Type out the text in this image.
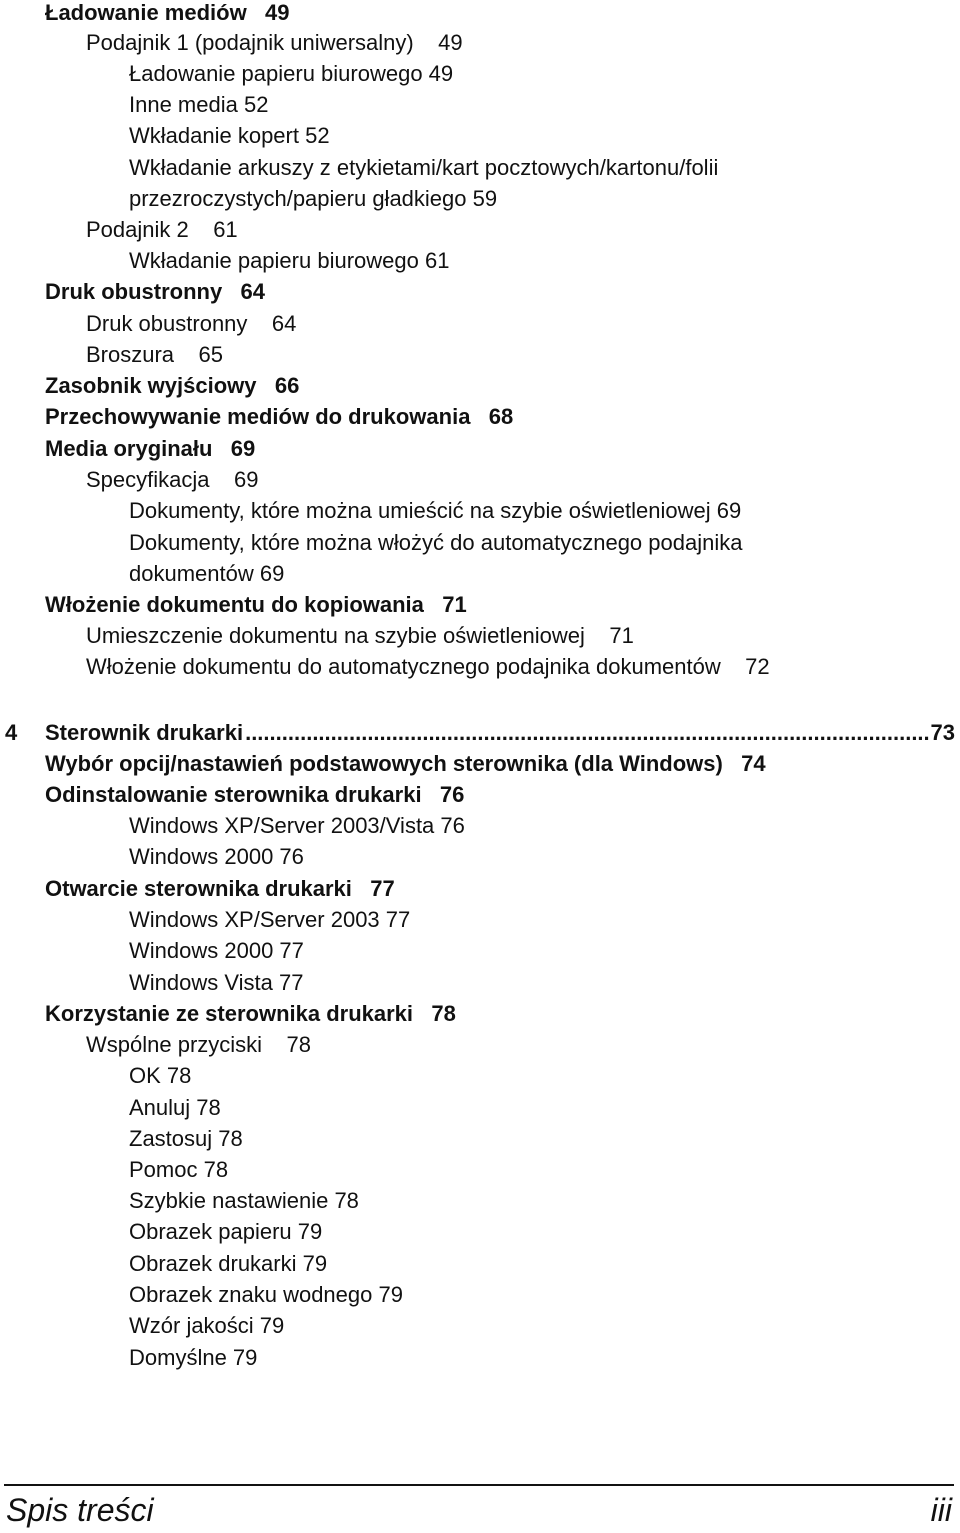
Ładowanie mediów   49
Podajnik 1 (podajnik uniwersalny)    49
Ładowanie papieru biurowego 49
Inne media 52
Wkładanie kopert 52
Wkładanie arkuszy z etykietami/kart pocztowych/kartonu/folii
przezroczystych/papieru gładkiego 59
Podajnik 2    61
Wkładanie papieru biurowego 61
Druk obustronny   64
Druk obustronny    64
Broszura    65
Zasobnik wyjściowy   66
Przechowywanie mediów do drukowania   68
Media oryginału   69
Specyfikacja    69
Dokumenty, które można umieścić na szybie oświetleniowej 69
Dokumenty, które można włożyć do automatycznego podajnika
dokumentów 69
Włożenie dokumentu do kopiowania   71
Umieszczenie dokumentu na szybie oświetleniowej    71
Włożenie dokumentu do automatycznego podajnika dokumentów    72
4 Sterownik drukarki
.....	73
Wybór opcij/nastawień podstawowych sterownika (dla Windows)   74
Odinstalowanie sterownika drukarki   76
Windows XP/Server 2003/Vista 76
Windows 2000 76
Otwarcie sterownika drukarki   77
Windows XP/Server 2003 77
Windows 2000 77
Windows Vista 77
Korzystanie ze sterownika drukarki   78
Wspólne przyciski    78
OK 78
Anuluj 78
Zastosuj 78
Pomoc 78
Szybkie nastawienie 78
Obrazek papieru 79
Obrazek drukarki 79
Obrazek znaku wodnego 79
Wzór jakości 79
Domyślne 79
Spis treści	iii
